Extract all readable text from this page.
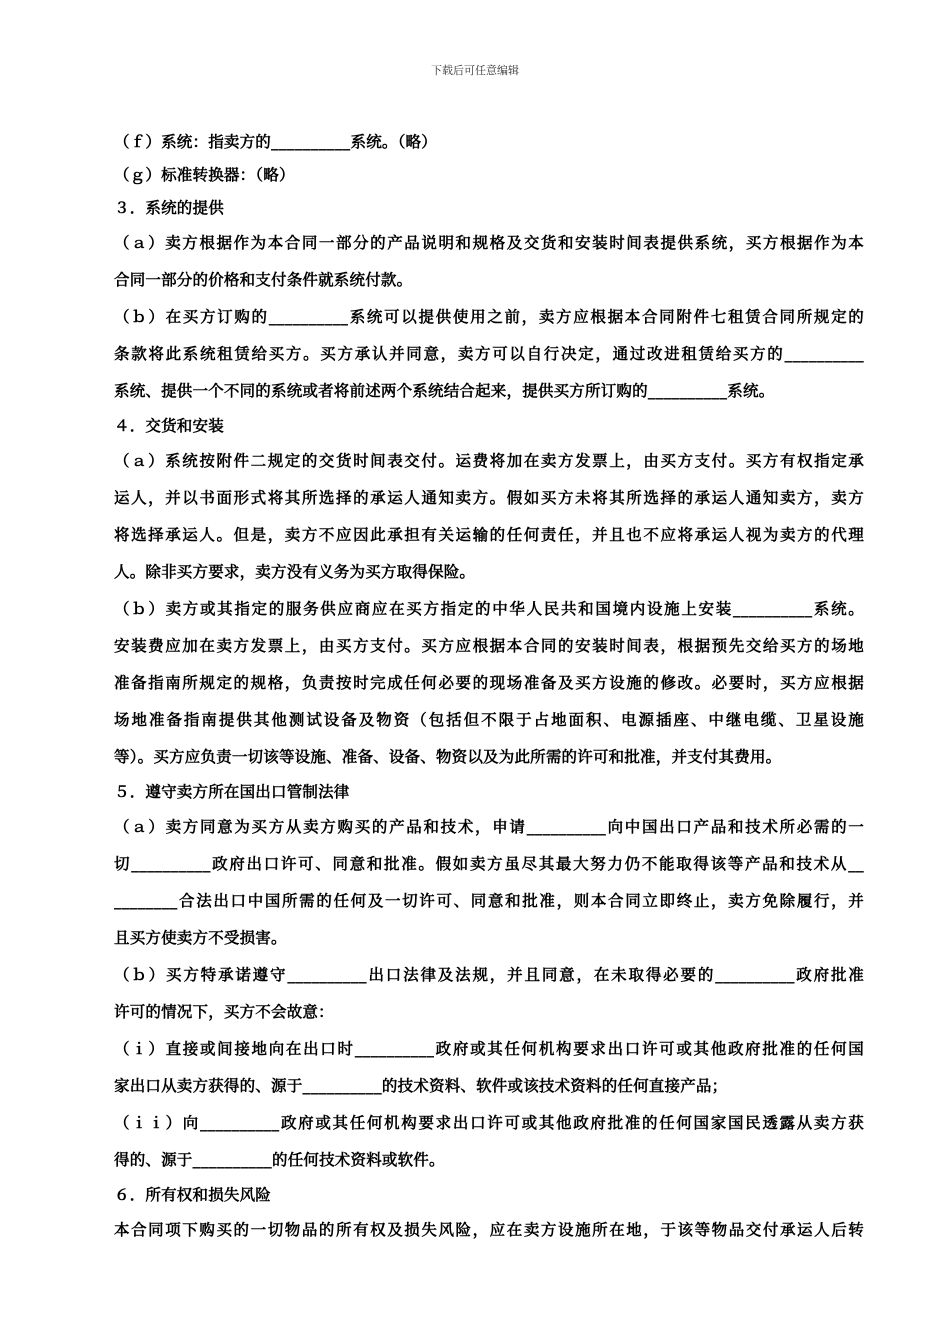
下载后可任意编辑
（ｆ）系统：指卖方的__________系统。（略）
（ｇ）标准转换器：（略）
３．系统的提供
（ａ）卖方根据作为本合同一部分的产品说明和规格及交货和安装时间表提供系统，买方根据作为本
合同一部分的价格和支付条件就系统付款。
（ｂ）在买方订购的__________系统可以提供使用之前，卖方应根据本合同附件七租赁合同所规定的
条款将此系统租赁给买方。买方承认并同意，卖方可以自行决定，通过改进租赁给买方的__________
系统、提供一个不同的系统或者将前述两个系统结合起来，提供买方所订购的__________系统。
４．交货和安装
（ａ）系统按附件二规定的交货时间表交付。运费将加在卖方发票上，由买方支付。买方有权指定承
运人，并以书面形式将其所选择的承运人通知卖方。假如买方未将其所选择的承运人通知卖方，卖方
将选择承运人。但是，卖方不应因此承担有关运输的任何责任，并且也不应将承运人视为卖方的代理
人。除非买方要求，卖方没有义务为买方取得保险。
（ｂ）卖方或其指定的服务供应商应在买方指定的中华人民共和国境内设施上安装__________系统。
安装费应加在卖方发票上，由买方支付。买方应根据本合同的安装时间表，根据预先交给买方的场地
准备指南所规定的规格，负责按时完成任何必要的现场准备及买方设施的修改。必要时，买方应根据
场地准备指南提供其他测试设备及物资（包括但不限于占地面积、电源插座、中继电缆、卫星设施
等）。买方应负责一切该等设施、准备、设备、物资以及为此所需的许可和批准，并支付其费用。
５．遵守卖方所在国出口管制法律
（ａ）卖方同意为买方从卖方购买的产品和技术，申请__________向中国出口产品和技术所必需的一
切__________政府出口许可、同意和批准。假如卖方虽尽其最大努力仍不能取得该等产品和技术从__
________合法出口中国所需的任何及一切许可、同意和批准，则本合同立即终止，卖方免除履行，并
且买方使卖方不受损害。
（ｂ）买方特承诺遵守__________出口法律及法规，并且同意，在未取得必要的__________政府批准
许可的情况下，买方不会故意：
（ｉ）直接或间接地向在出口时__________政府或其任何机构要求出口许可或其他政府批准的任何国
家出口从卖方获得的、源于__________的技术资料、软件或该技术资料的任何直接产品；
（ｉｉ）向__________政府或其任何机构要求出口许可或其他政府批准的任何国家国民透露从卖方获
得的、源于__________的任何技术资料或软件。
６．所有权和损失风险
本合同项下购买的一切物品的所有权及损失风险，应在卖方设施所在地，于该等物品交付承运人后转
